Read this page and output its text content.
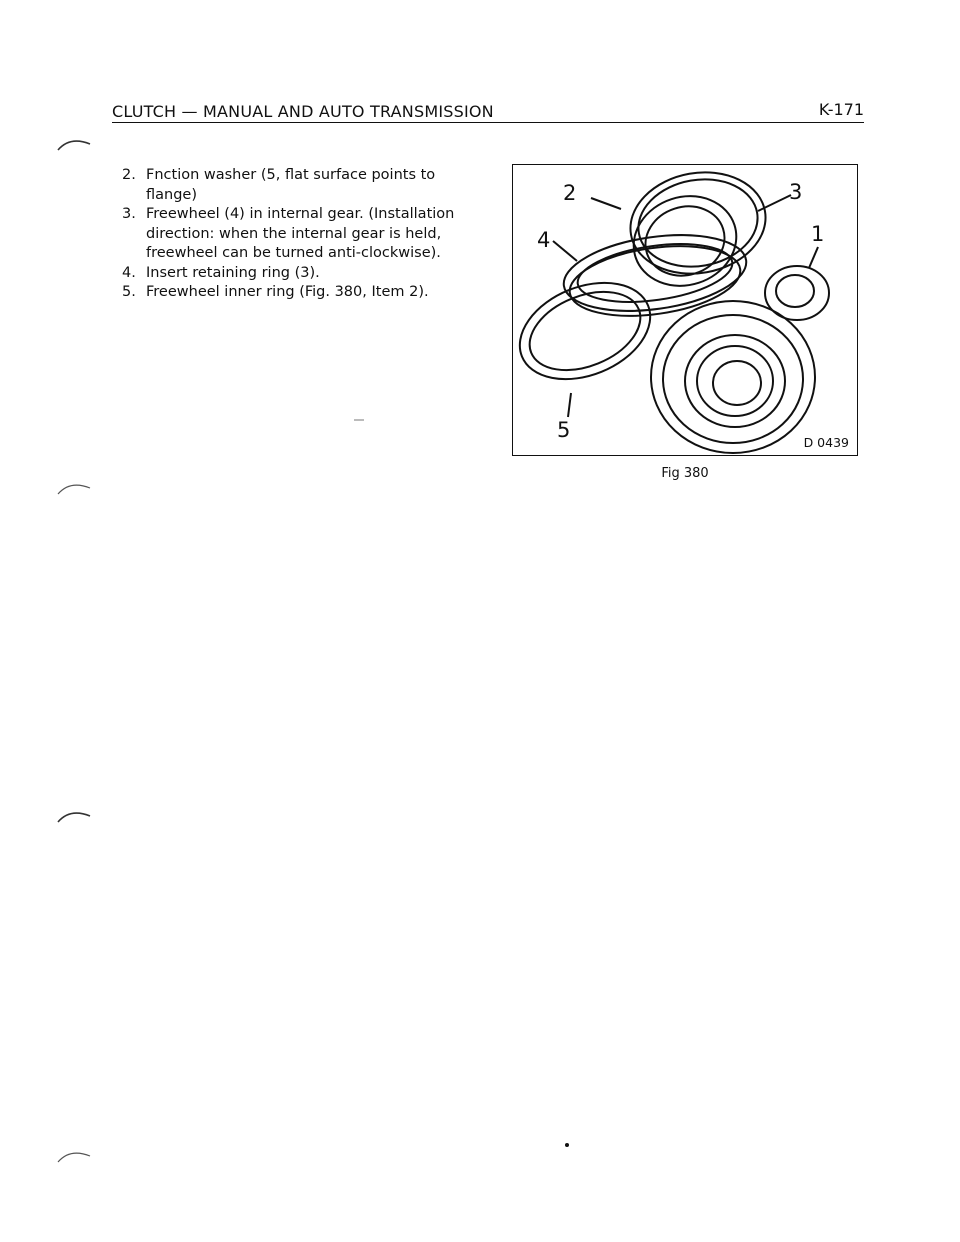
CLUTCH — MANUAL AND AUTO TRANSMISSION	K-171
2. Fnction washer (5, flat surface points to flange)
3. Freewheel (4) in internal gear. (Installation direction: when the internal gear is held, freewheel can be turned anti-clockwise).
4. Insert retaining ring (3).
5. Freewheel inner ring (Fig. 380, Item 2).
2	3
4	1
5
D 0439
Fig 380
